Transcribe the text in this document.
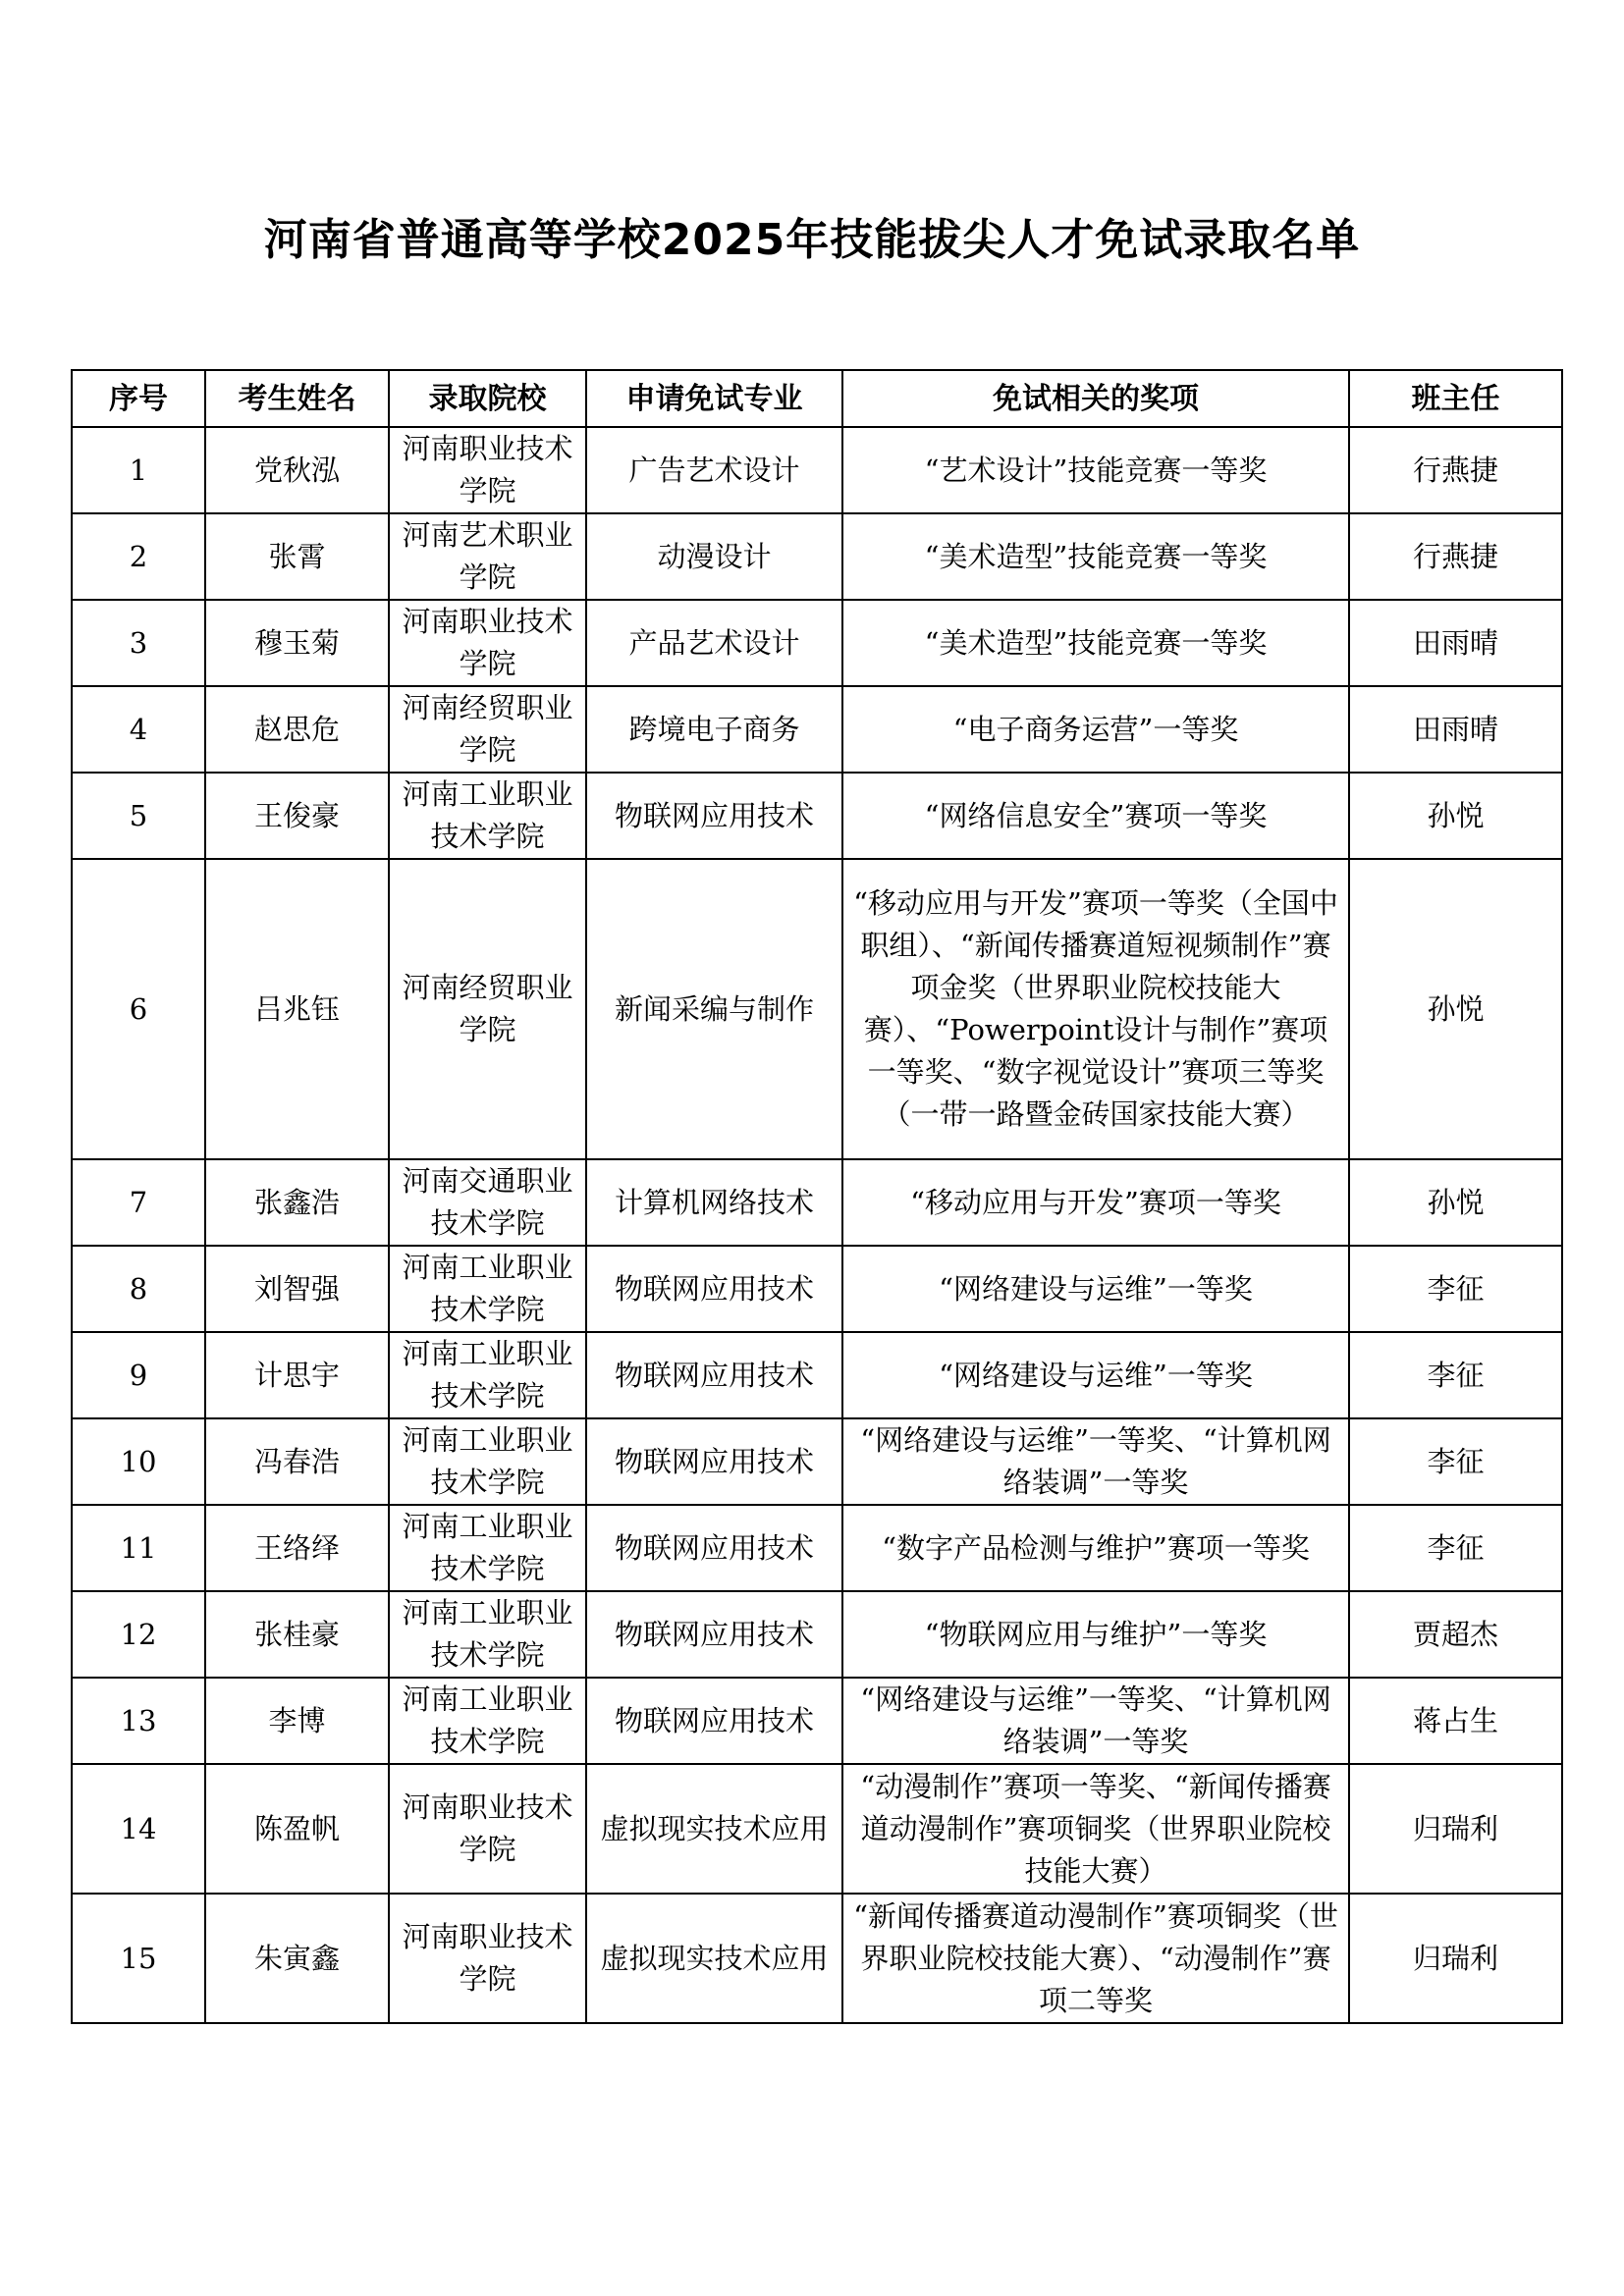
河南省普通高等学校2025年技能拔尖人才免试录取名单
序号	考生姓名	录取院校	申请免试专业	免试相关的奖项	班主任
1	党秋泓	河南职业技术学院	广告艺术设计	“艺术设计”技能竞赛一等奖	行燕捷
2	张霄	河南艺术职业学院	动漫设计	“美术造型”技能竞赛一等奖	行燕捷
3	穆玉菊	河南职业技术学院	产品艺术设计	“美术造型”技能竞赛一等奖	田雨晴
4	赵思危	河南经贸职业学院	跨境电子商务	“电子商务运营”一等奖	田雨晴
5	王俊豪	河南工业职业技术学院	物联网应用技术	“网络信息安全”赛项一等奖	孙悦
6	吕兆钰	河南经贸职业学院	新闻采编与制作	“移动应用与开发”赛项一等奖（全国中职组）、“新闻传播赛道短视频制作”赛项金奖（世界职业院校技能大赛）、“Powerpoint设计与制作”赛项一等奖、“数字视觉设计”赛项三等奖（一带一路暨金砖国家技能大赛）	孙悦
7	张鑫浩	河南交通职业技术学院	计算机网络技术	“移动应用与开发”赛项一等奖	孙悦
8	刘智强	河南工业职业技术学院	物联网应用技术	“网络建设与运维”一等奖	李征
9	计思宇	河南工业职业技术学院	物联网应用技术	“网络建设与运维”一等奖	李征
10	冯春浩	河南工业职业技术学院	物联网应用技术	“网络建设与运维”一等奖、“计算机网络装调”一等奖	李征
11	王络绎	河南工业职业技术学院	物联网应用技术	“数字产品检测与维护”赛项一等奖	李征
12	张桂豪	河南工业职业技术学院	物联网应用技术	“物联网应用与维护”一等奖	贾超杰
13	李博	河南工业职业技术学院	物联网应用技术	“网络建设与运维”一等奖、“计算机网络装调”一等奖	蒋占生
14	陈盈帆	河南职业技术学院	虚拟现实技术应用	“动漫制作”赛项一等奖、“新闻传播赛道动漫制作”赛项铜奖（世界职业院校技能大赛）	归瑞利
15	朱寅鑫	河南职业技术学院	虚拟现实技术应用	“新闻传播赛道动漫制作”赛项铜奖（世界职业院校技能大赛）、“动漫制作”赛项二等奖	归瑞利
